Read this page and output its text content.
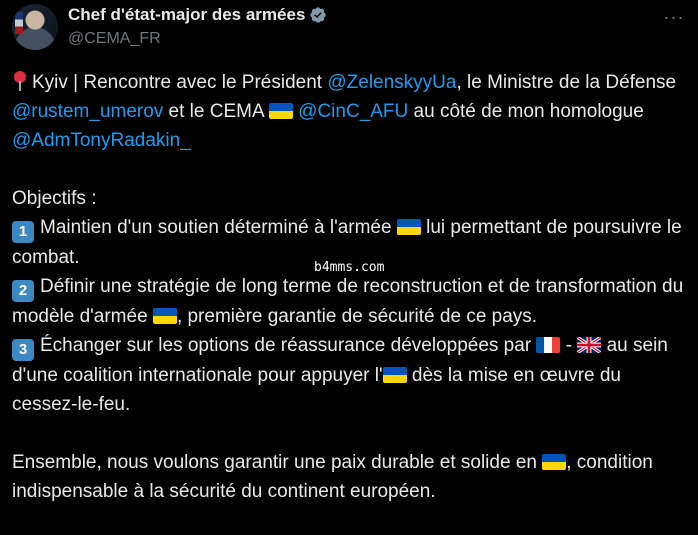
Chef d'état-major des armées
@CEMA_FR
···

Kyiv | Rencontre avec le Président @ZelenskyyUa, le Ministre de la Défense @rustem_umerov et le CEMA  @CinC_AFU au côté de mon homologue @AdmTonyRadakin_

Objectifs :

1 Maintien d'un soutien déterminé à l'armée  lui permettant de poursuivre le combat.

2 Définir une stratégie de long terme de reconstruction et de transformation du modèle d'armée , première garantie de sécurité de ce pays.

3 Échanger sur les options de réassurance développées par  -  au sein d'une coalition internationale pour appuyer l' dès la mise en œuvre du cessez-le-feu.

Ensemble, nous voulons garantir une paix durable et solide en , condition indispensable à la sécurité du continent européen.

b4mms.com
